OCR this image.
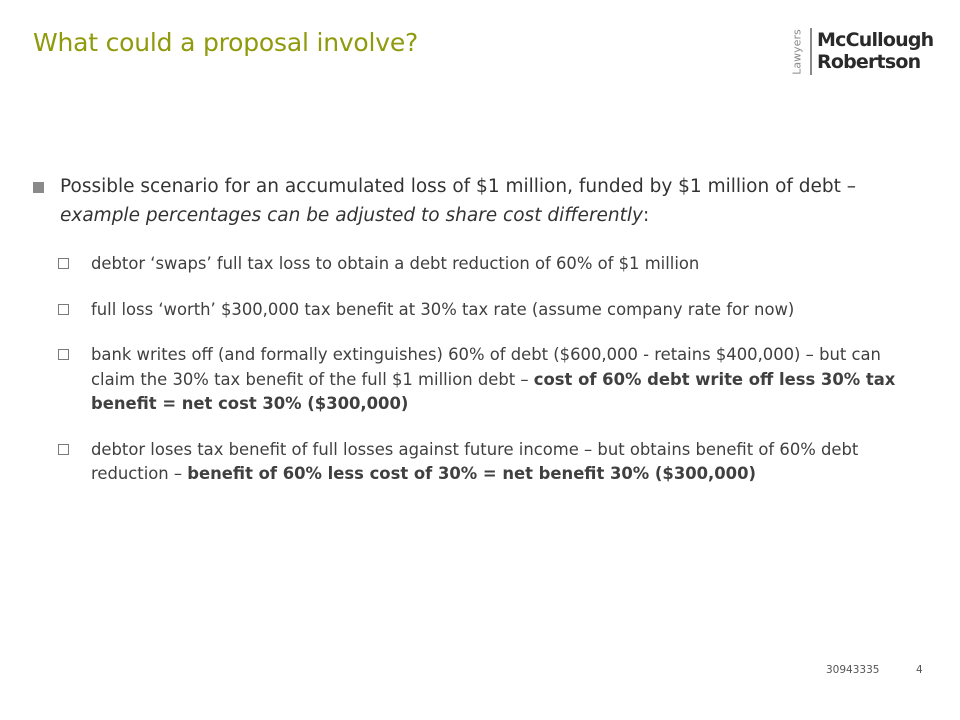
What could a proposal involve?	Lawyers McCullough
Robertson
Possible scenario for an accumulated loss of $1 million, funded by $1 million of debt – example percentages can be adjusted to share cost differently:
debtor ‘swaps’ full tax loss to obtain a debt reduction of 60% of $1 million
full loss ‘worth’ $300,000 tax benefit at 30% tax rate (assume company rate for now)
bank writes off (and formally extinguishes) 60% of debt ($600,000 - retains $400,000) – but can claim the 30% tax benefit of the full $1 million debt – cost of 60% debt write off less 30% tax benefit = net cost 30% ($300,000)
debtor loses tax benefit of full losses against future income – but obtains benefit of 60% debt reduction – benefit of 60% less cost of 30% = net benefit 30% ($300,000)
30943335	4
